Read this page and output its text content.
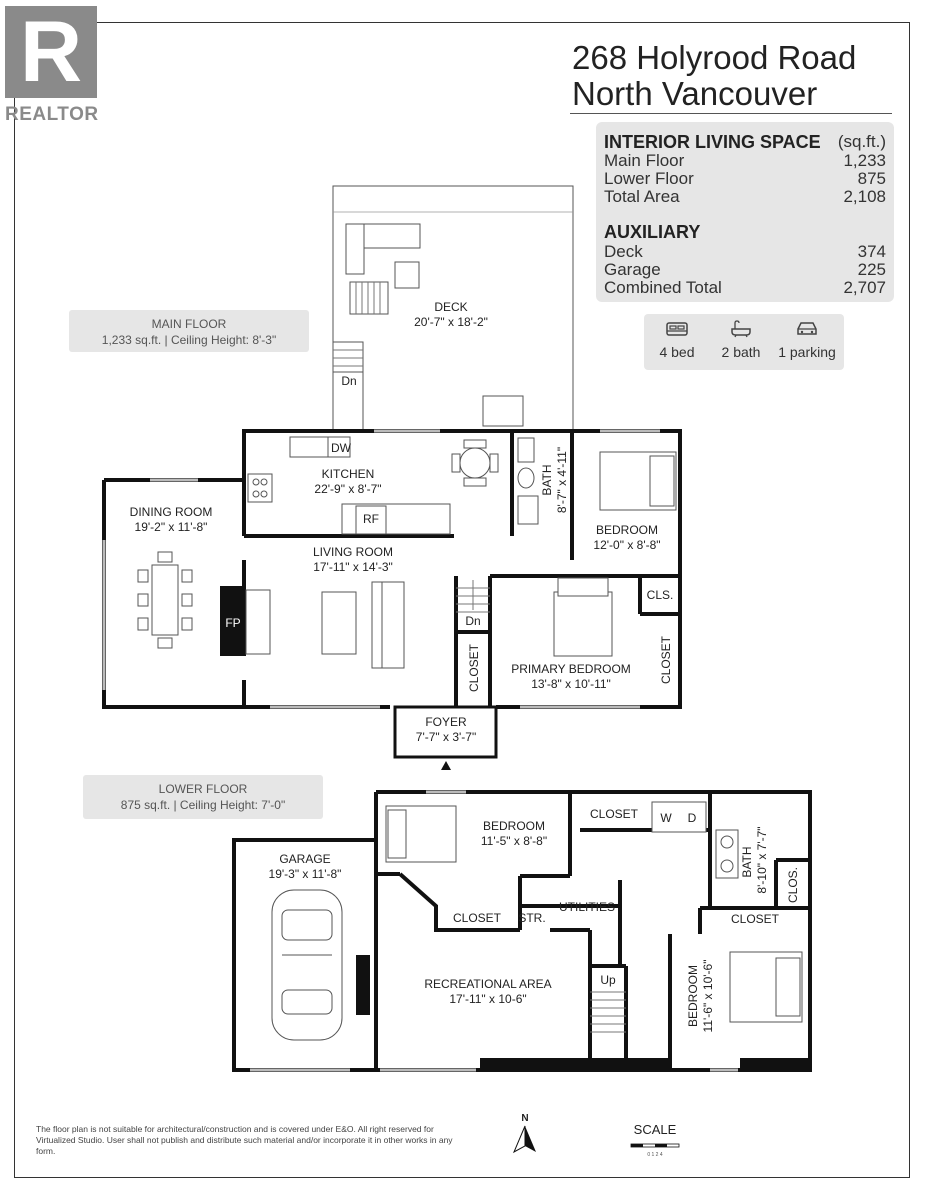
R
REALTOR
268 Holyrood Road
North Vancouver
INTERIOR LIVING SPACE (sq.ft.)
Main Floor	1,233
Lower Floor	875
Total Area	2,108
AUXILIARY
Deck	374
Garage	225
Combined Total	2,707
4 bed	2 bath	1 parking
MAIN FLOOR
1,233 sq.ft. | Ceiling Height: 8'-3"
LOWER FLOOR
875 sq.ft. | Ceiling Height: 7'-0"
DECK
20'-7" x 18'-2"
Dn
DW
KITCHEN
22'-9" x 8'-7"
RF
DINING ROOM
19'-2" x 11'-8"
LIVING ROOM
17'-11" x 14'-3"
FP
BATH 8'-7" x 4'-11"
BEDROOM
12'-0" x 8'-8"
CLS.
Dn
PRIMARY BEDROOM
13'-8" x 10'-11"	CLOSET
CLOSET
FOYER
7'-7" x 3'-7"
GARAGE
19'-3" x 11'-8"
BEDROOM
11'-5" x 8'-8"
CLOSET W D
BATH 8'-10" x 7'-7" CLOS.
CLOSET STR.
UTILITIES
CLOSET
RECREATIONAL AREA
17'-11" x 10-6"
Up	BEDROOM 11'-6" x 10'-6"
The floor plan is not suitable for architectural/construction and is covered under E&O. All right reserved for Virtualized Studio. User shall not publish and distribute such material and/or incorporate it in other works in any form.
N
SCALE
0 1 2 4
